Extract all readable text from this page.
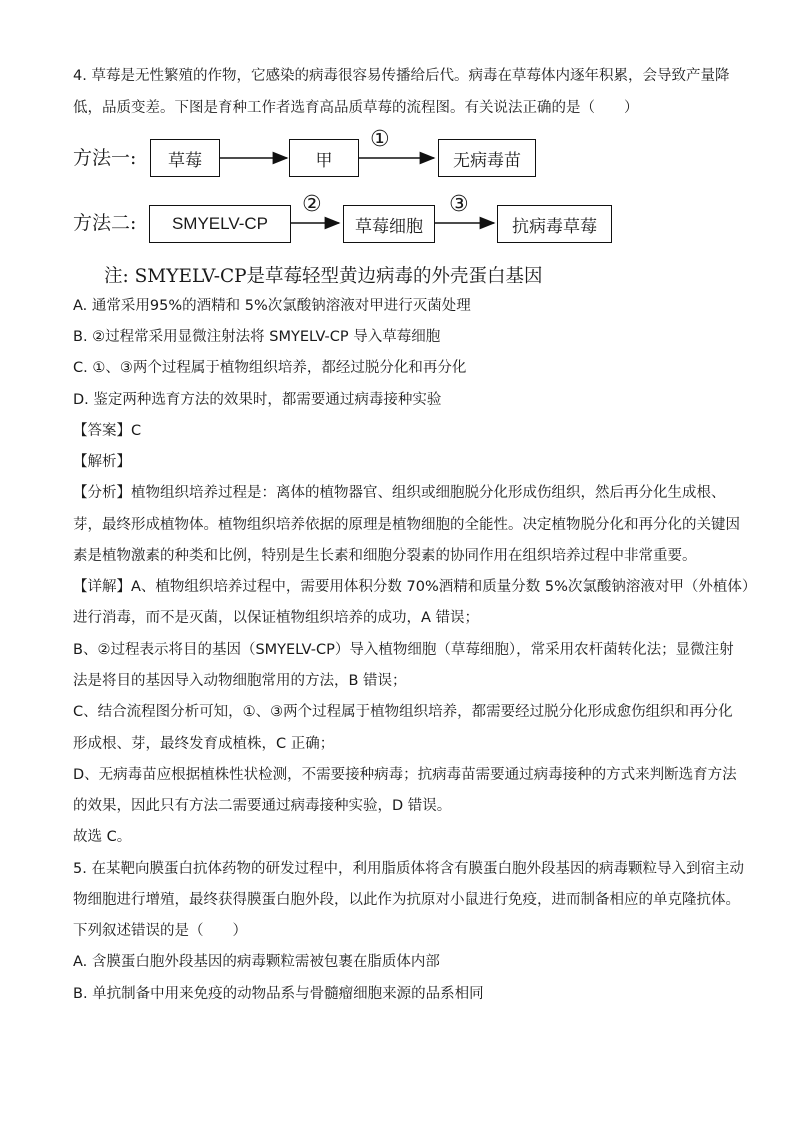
4. 草莓是无性繁殖的作物，它感染的病毒很容易传播给后代。病毒在草莓体内逐年积累，会导致产量降
低，品质变差。下图是育种工作者选育高品质草莓的流程图。有关说法正确的是（　　）
方法一:	草莓	甲
①
无病毒苗
方法二:	SMYELV-CP
②
草莓细胞
③
抗病毒草莓
注: SMYELV-CP是草莓轻型黄边病毒的外壳蛋白基因
A. 通常采用95%的酒精和 5%次氯酸钠溶液对甲进行灭菌处理
B. ②过程常采用显微注射法将 SMYELV-CP 导入草莓细胞
C. ①、③两个过程属于植物组织培养，都经过脱分化和再分化
D. 鉴定两种选育方法的效果时，都需要通过病毒接种实验
【答案】C
【解析】
【分析】植物组织培养过程是：离体的植物器官、组织或细胞脱分化形成伤组织，然后再分化生成根、
芽，最终形成植物体。植物组织培养依据的原理是植物细胞的全能性。决定植物脱分化和再分化的关键因
素是植物激素的种类和比例，特别是生长素和细胞分裂素的协同作用在组织培养过程中非常重要。
【详解】A、植物组织培养过程中，需要用体积分数 70%酒精和质量分数 5%次氯酸钠溶液对甲（外植体）
进行消毒，而不是灭菌，以保证植物组织培养的成功，A 错误；
B、②过程表示将目的基因（SMYELV-CP）导入植物细胞（草莓细胞），常采用农杆菌转化法；显微注射
法是将目的基因导入动物细胞常用的方法，B 错误；
C、结合流程图分析可知，①、③两个过程属于植物组织培养，都需要经过脱分化形成愈伤组织和再分化
形成根、芽，最终发育成植株，C 正确；
D、无病毒苗应根据植株性状检测，不需要接种病毒；抗病毒苗需要通过病毒接种的方式来判断选育方法
的效果，因此只有方法二需要通过病毒接种实验，D 错误。
故选 C。
5. 在某靶向膜蛋白抗体药物的研发过程中，利用脂质体将含有膜蛋白胞外段基因的病毒颗粒导入到宿主动
物细胞进行增殖，最终获得膜蛋白胞外段，以此作为抗原对小鼠进行免疫，进而制备相应的单克隆抗体。
下列叙述错误的是（　　）
A. 含膜蛋白胞外段基因的病毒颗粒需被包裹在脂质体内部
B. 单抗制备中用来免疫的动物品系与骨髓瘤细胞来源的品系相同
